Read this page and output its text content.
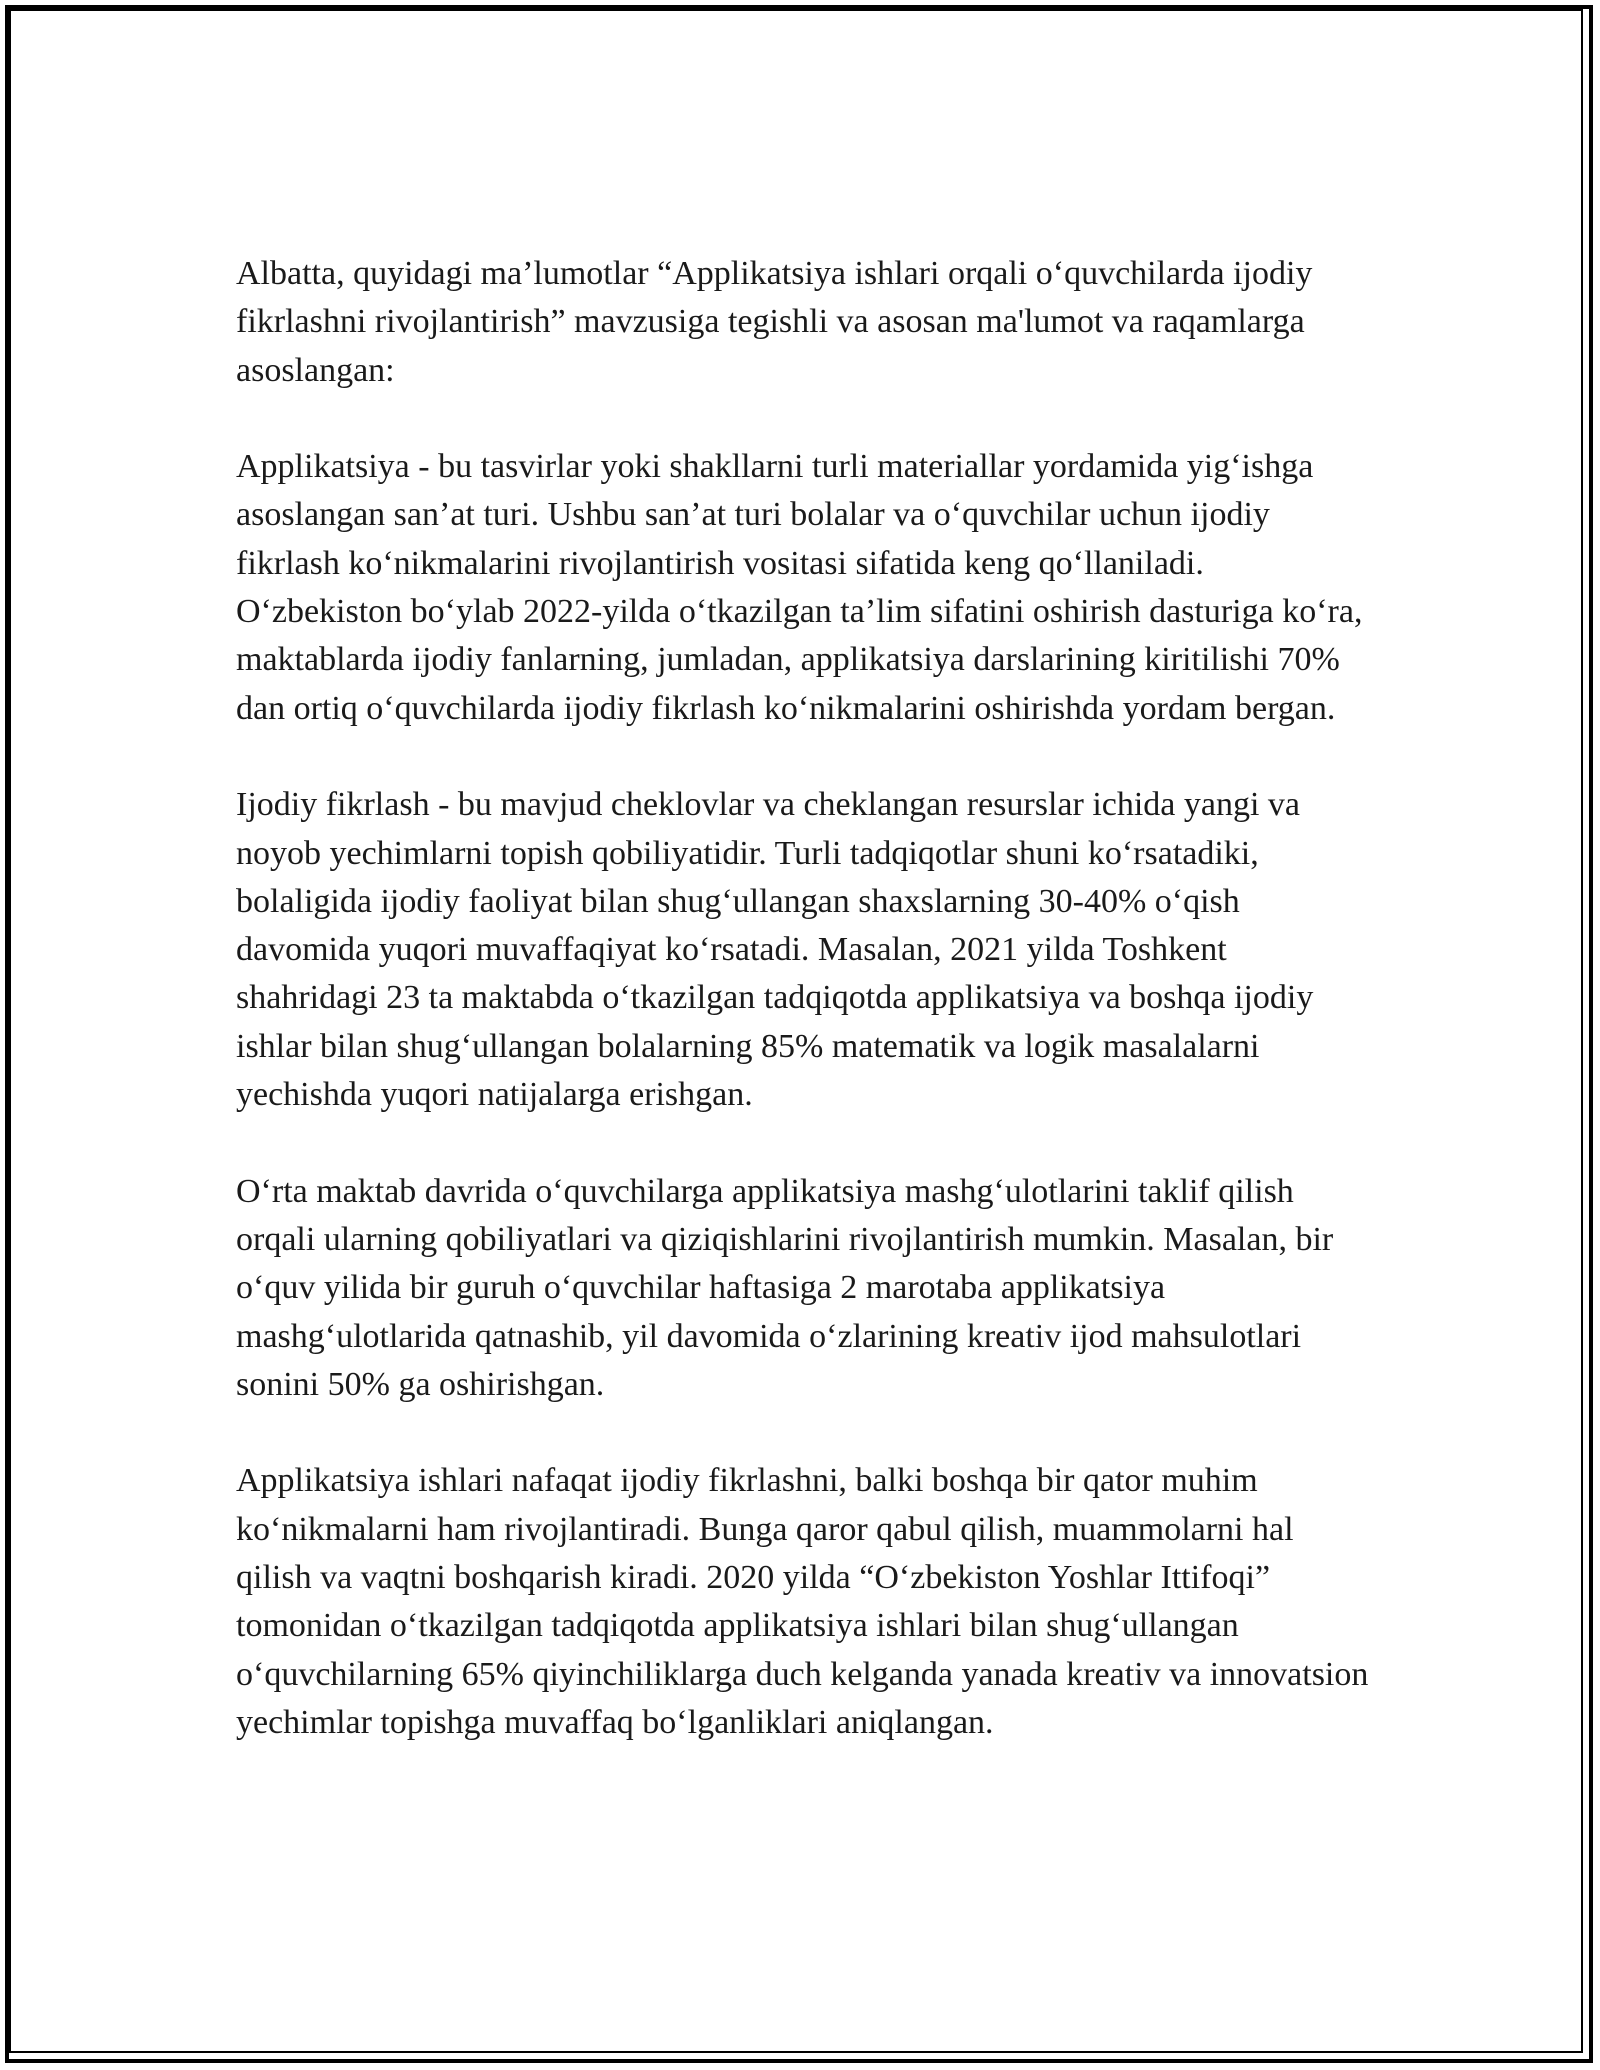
Albatta, quyidagi ma’lumotlar “Applikatsiya ishlari orqali o‘quvchilarda ijodiy fikrlashni rivojlantirish” mavzusiga tegishli va asosan ma'lumot va raqamlarga asoslangan:

Applikatsiya - bu tasvirlar yoki shakllarni turli materiallar yordamida yig‘ishga asoslangan san’at turi. Ushbu san’at turi bolalar va o‘quvchilar uchun ijodiy fikrlash ko‘nikmalarini rivojlantirish vositasi sifatida keng qo‘llaniladi. O‘zbekiston bo‘ylab 2022-yilda o‘tkazilgan ta’lim sifatini oshirish dasturiga ko‘ra, maktablarda ijodiy fanlarning, jumladan, applikatsiya darslarining kiritilishi 70% dan ortiq o‘quvchilarda ijodiy fikrlash ko‘nikmalarini oshirishda yordam bergan.

Ijodiy fikrlash - bu mavjud cheklovlar va cheklangan resurslar ichida yangi va noyob yechimlarni topish qobiliyatidir. Turli tadqiqotlar shuni ko‘rsatadiki, bolaligida ijodiy faoliyat bilan shug‘ullangan shaxslarning 30-40% o‘qish davomida yuqori muvaffaqiyat ko‘rsatadi. Masalan, 2021 yilda Toshkent shahridagi 23 ta maktabda o‘tkazilgan tadqiqotda applikatsiya va boshqa ijodiy ishlar bilan shug‘ullangan bolalarning 85% matematik va logik masalalarni yechishda yuqori natijalarga erishgan.

O‘rta maktab davrida o‘quvchilarga applikatsiya mashg‘ulotlarini taklif qilish orqali ularning qobiliyatlari va qiziqishlarini rivojlantirish mumkin. Masalan, bir o‘quv yilida bir guruh o‘quvchilar haftasiga 2 marotaba applikatsiya mashg‘ulotlarida qatnashib, yil davomida o‘zlarining kreativ ijod mahsulotlari sonini 50% ga oshirishgan.

Applikatsiya ishlari nafaqat ijodiy fikrlashni, balki boshqa bir qator muhim ko‘nikmalarni ham rivojlantiradi. Bunga qaror qabul qilish, muammolarni hal qilish va vaqtni boshqarish kiradi. 2020 yilda “O‘zbekiston Yoshlar Ittifoqi” tomonidan o‘tkazilgan tadqiqotda applikatsiya ishlari bilan shug‘ullangan o‘quvchilarning 65% qiyinchiliklarga duch kelganda yanada kreativ va innovatsion yechimlar topishga muvaffaq bo‘lganliklari aniqlangan.
